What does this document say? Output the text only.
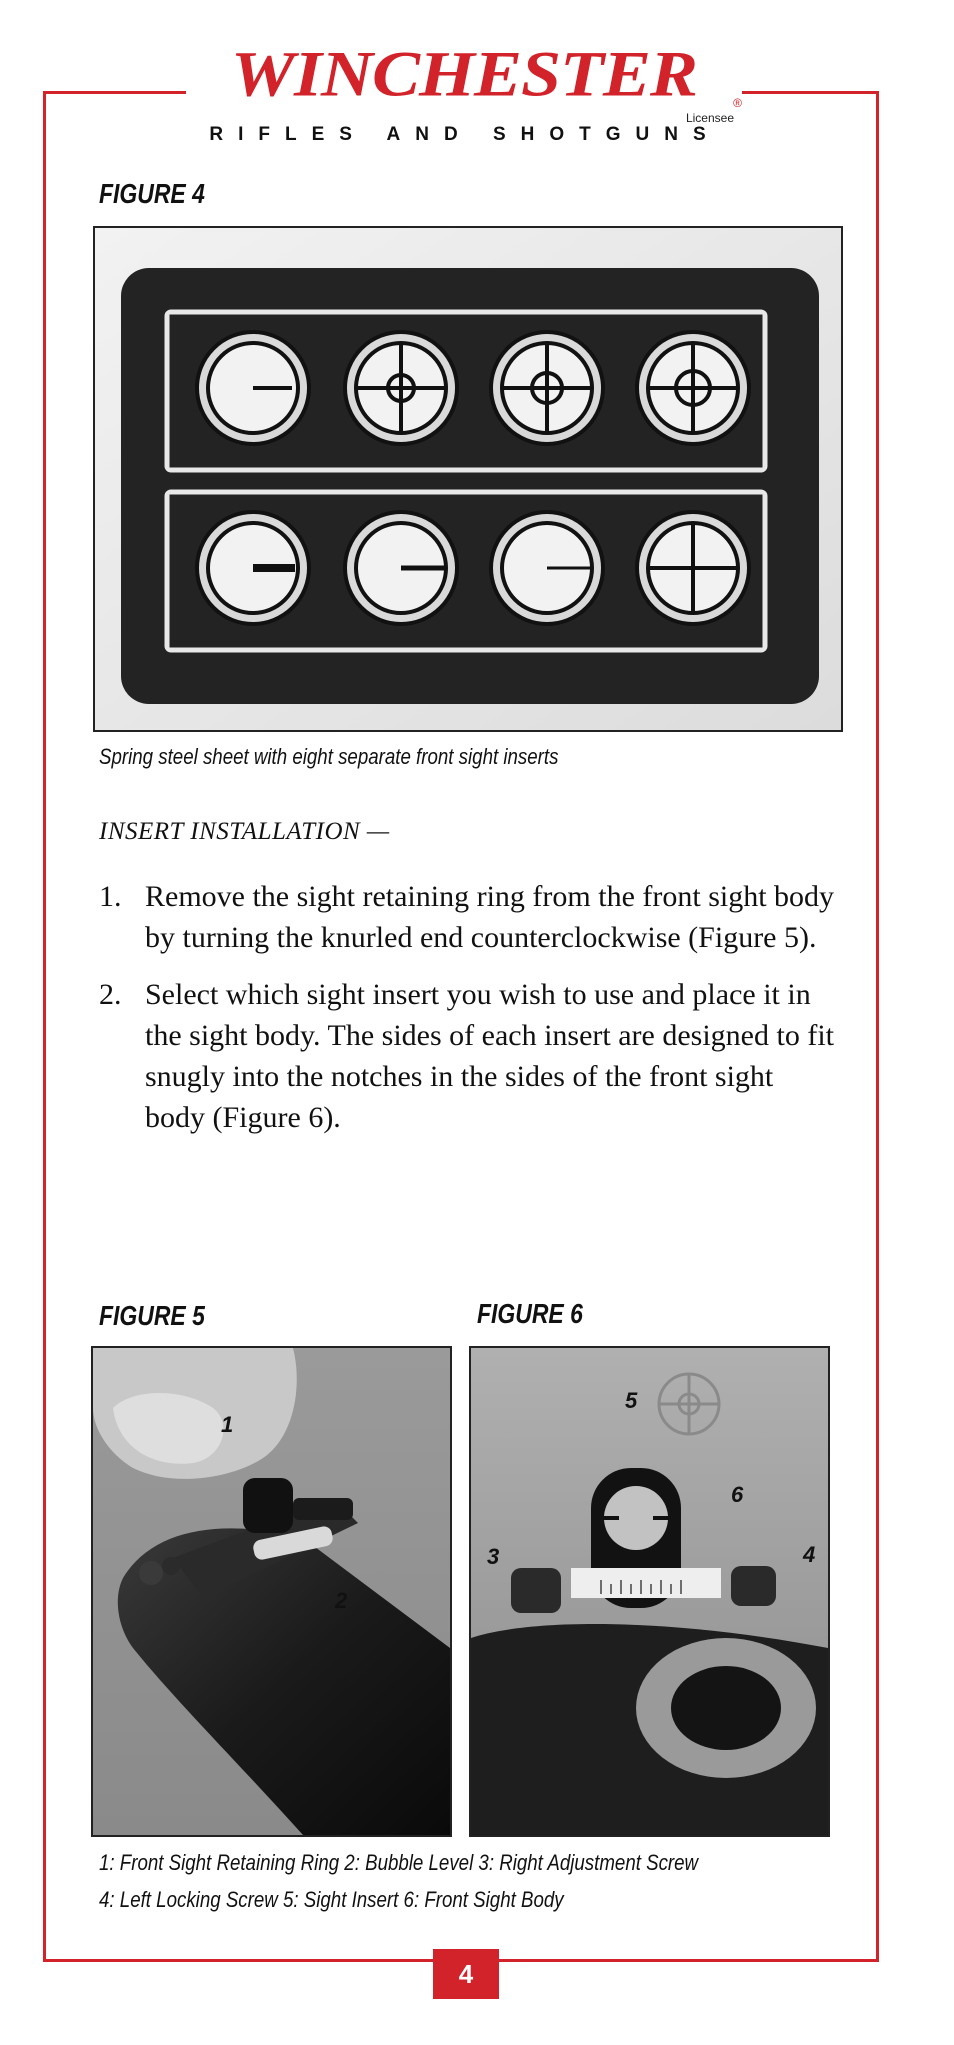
WINCHESTER	®
Licensee
RIFLES AND SHOTGUNS
FIGURE 4
Spring steel sheet with eight separate front sight inserts
INSERT INSTALLATION —
1. Remove the sight retaining ring from the front sight body by turning the knurled end counterclockwise (Figure 5).
2. Select which sight insert you wish to use and place it in the sight body. The sides of each insert are designed to fit snugly into the notches in the sides of the front sight body (Figure 6).
FIGURE 5
1
2
FIGURE 6
5
6
3	4
1: Front Sight Retaining Ring 2: Bubble Level 3: Right Adjustment Screw
4: Left Locking Screw 5: Sight Insert 6: Front Sight Body
4
